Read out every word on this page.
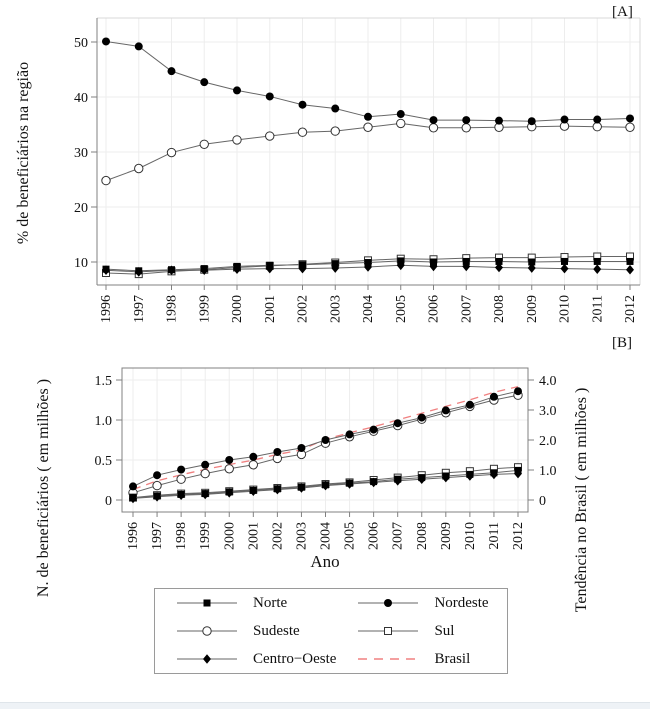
10
20
30
40
50
1996 1997 1998 1999 2000 2001 2002 2003 2004 2005 2006 2007 2008 2009 2010 2011 2012
% de beneficiários na região
[A]
0
0.5
1.0
1.5
0
1.0
2.0
3.0
4.0
1996 1997 1998 1999 2000 2001 2002 2003 2004 2005 2006 2007 2008 2009 2010 2011 2012
Ano
N. de beneficiários ( em milhões )	Tendência no Brasil ( em milhões )
[B]
Norte	Nordeste
Sudeste	Sul
Centro−Oeste	Brasil
